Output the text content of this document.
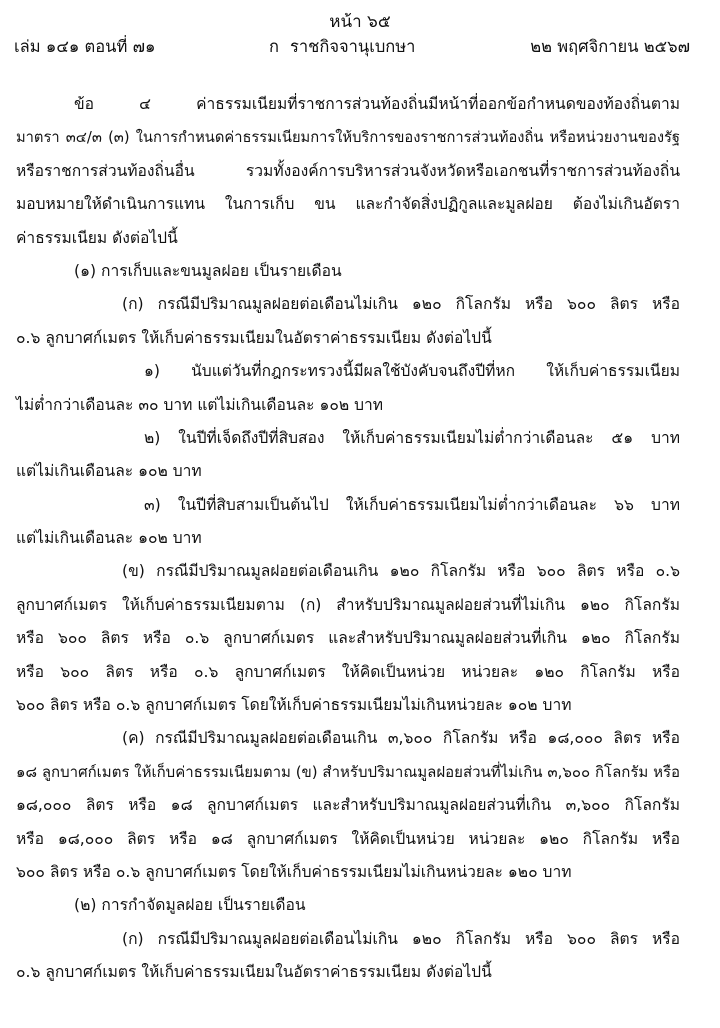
หน้า ๖๕
เล่ม ๑๔๑ ตอนที่ ๗๑	ก ราชกิจจานุเบกษา	๒๒ พฤศจิกายน ๒๕๖๗
ข้อ ๔ ค่าธรรมเนียมที่ราชการส่วนท้องถิ่นมีหน้าที่ออกข้อกำหนดของท้องถิ่นตาม
มาตรา ๓๔/๓ (๓) ในการกำหนดค่าธรรมเนียมการให้บริการของราชการส่วนท้องถิ่น หรือหน่วยงานของรัฐ
หรือราชการส่วนท้องถิ่นอื่น รวมทั้งองค์การบริหารส่วนจังหวัดหรือเอกชนที่ราชการส่วนท้องถิ่น
มอบหมายให้ดำเนินการแทน ในการเก็บ ขน และกำจัดสิ่งปฏิกูลและมูลฝอย ต้องไม่เกินอัตรา
ค่าธรรมเนียม ดังต่อไปนี้
(๑) การเก็บและขนมูลฝอย เป็นรายเดือน
(ก) กรณีมีปริมาณมูลฝอยต่อเดือนไม่เกิน ๑๒๐ กิโลกรัม หรือ ๖๐๐ ลิตร หรือ
๐.๖ ลูกบาศก์เมตร ให้เก็บค่าธรรมเนียมในอัตราค่าธรรมเนียม ดังต่อไปนี้
๑) นับแต่วันที่กฎกระทรวงนี้มีผลใช้บังคับจนถึงปีที่หก ให้เก็บค่าธรรมเนียม
ไม่ต่ำกว่าเดือนละ ๓๐ บาท แต่ไม่เกินเดือนละ ๑๐๒ บาท
๒) ในปีที่เจ็ดถึงปีที่สิบสอง ให้เก็บค่าธรรมเนียมไม่ต่ำกว่าเดือนละ ๕๑ บาท
แต่ไม่เกินเดือนละ ๑๐๒ บาท
๓) ในปีที่สิบสามเป็นต้นไป ให้เก็บค่าธรรมเนียมไม่ต่ำกว่าเดือนละ ๖๖ บาท
แต่ไม่เกินเดือนละ ๑๐๒ บาท
(ข) กรณีมีปริมาณมูลฝอยต่อเดือนเกิน ๑๒๐ กิโลกรัม หรือ ๖๐๐ ลิตร หรือ ๐.๖
ลูกบาศก์เมตร ให้เก็บค่าธรรมเนียมตาม (ก) สำหรับปริมาณมูลฝอยส่วนที่ไม่เกิน ๑๒๐ กิโลกรัม
หรือ ๖๐๐ ลิตร หรือ ๐.๖ ลูกบาศก์เมตร และสำหรับปริมาณมูลฝอยส่วนที่เกิน ๑๒๐ กิโลกรัม
หรือ ๖๐๐ ลิตร หรือ ๐.๖ ลูกบาศก์เมตร ให้คิดเป็นหน่วย หน่วยละ ๑๒๐ กิโลกรัม หรือ
๖๐๐ ลิตร หรือ ๐.๖ ลูกบาศก์เมตร โดยให้เก็บค่าธรรมเนียมไม่เกินหน่วยละ ๑๐๒ บาท
(ค) กรณีมีปริมาณมูลฝอยต่อเดือนเกิน ๓,๖๐๐ กิโลกรัม หรือ ๑๘,๐๐๐ ลิตร หรือ
๑๘ ลูกบาศก์เมตร ให้เก็บค่าธรรมเนียมตาม (ข) สำหรับปริมาณมูลฝอยส่วนที่ไม่เกิน ๓,๖๐๐ กิโลกรัม หรือ
๑๘,๐๐๐ ลิตร หรือ ๑๘ ลูกบาศก์เมตร และสำหรับปริมาณมูลฝอยส่วนที่เกิน ๓,๖๐๐ กิโลกรัม
หรือ ๑๘,๐๐๐ ลิตร หรือ ๑๘ ลูกบาศก์เมตร ให้คิดเป็นหน่วย หน่วยละ ๑๒๐ กิโลกรัม หรือ
๖๐๐ ลิตร หรือ ๐.๖ ลูกบาศก์เมตร โดยให้เก็บค่าธรรมเนียมไม่เกินหน่วยละ ๑๒๐ บาท
(๒) การกำจัดมูลฝอย เป็นรายเดือน
(ก) กรณีมีปริมาณมูลฝอยต่อเดือนไม่เกิน ๑๒๐ กิโลกรัม หรือ ๖๐๐ ลิตร หรือ
๐.๖ ลูกบาศก์เมตร ให้เก็บค่าธรรมเนียมในอัตราค่าธรรมเนียม ดังต่อไปนี้
